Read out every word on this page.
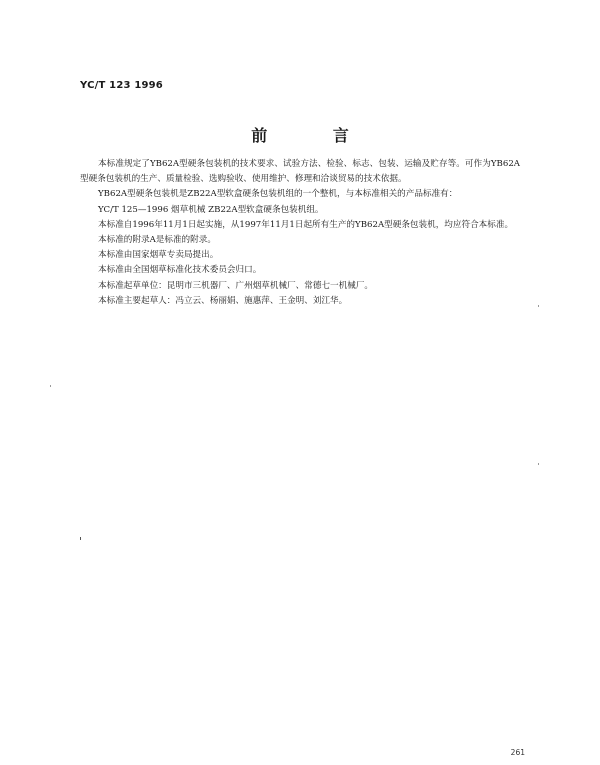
YC/T 123 1996
前 言

本标准规定了YB62A型硬条包装机的技术要求、试验方法、检验、标志、包装、运输及贮存等。可作为YB62A型硬条包装机的生产、质量检验、选购验收、使用维护、修理和洽谈贸易的技术依据。

YB62A型硬条包装机是ZB22A型软盒硬条包装机组的一个整机，与本标准相关的产品标准有：

YC/T 125—1996 烟草机械 ZB22A型软盒硬条包装机组。

本标准自1996年11月1日起实施，从1997年11月1日起所有生产的YB62A型硬条包装机，均应符合本标准。

本标准的附录A是标准的附录。

本标准由国家烟草专卖局提出。

本标准由全国烟草标准化技术委员会归口。

本标准起草单位：昆明市三机器厂、广州烟草机械厂、常德七一机械厂。

本标准主要起草人：冯立云、杨丽娟、施惠萍、王金明、刘江华。

261
